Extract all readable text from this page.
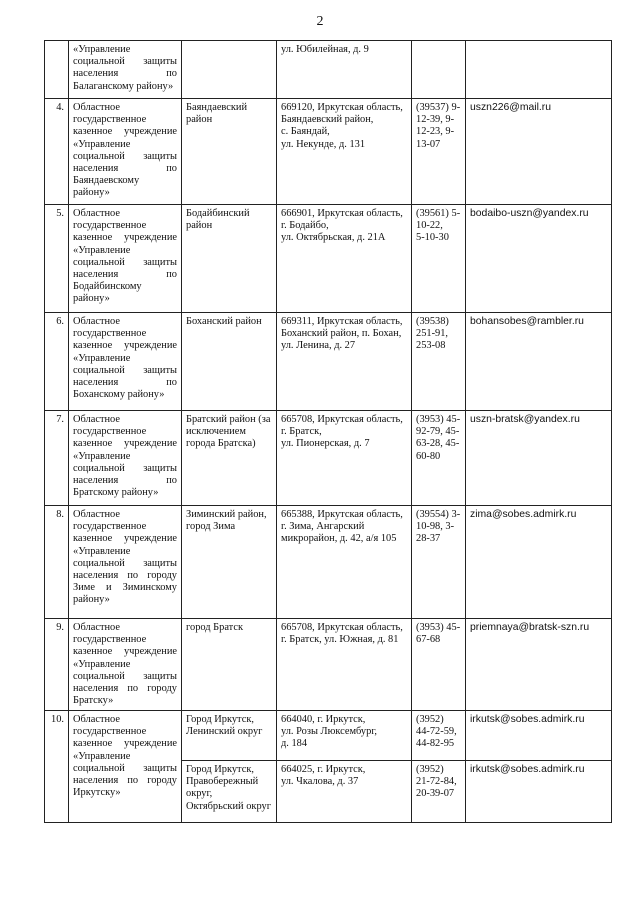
2
	«Управление социальной защиты населения по Балаганскому району»		ул. Юбилейная, д. 9		
4.	Областное государственное казенное учреждение «Управление социальной защиты населения по Баяндаевскому району»	Баяндаевский район	669120, Иркутская область,
Баяндаевский район,
с. Баяндай,
ул. Некунде, д. 131	(39537) 9-12-39, 9-12-23, 9-13-07	uszn226@mail.ru
5.	Областное государственное казенное учреждение «Управление социальной защиты населения по Бодайбинскому району»	Бодайбинский район	666901, Иркутская область,
г. Бодайбо,
ул. Октябрьская, д. 21А	(39561) 5-10-22,
5-10-30	bodaibo-uszn@yandex.ru
6.	Областное государственное казенное учреждение «Управление социальной защиты населения по Боханскому району»	Боханский район	669311, Иркутская область,
Боханский район, п. Бохан,
ул. Ленина, д. 27	(39538)
251-91,
253-08	bohansobes@rambler.ru
7.	Областное государственное казенное учреждение «Управление социальной защиты населения по Братскому району»	Братский район (за исключением города Братска)	665708, Иркутская область,
г. Братск,
ул. Пионерская, д. 7	(3953) 45-92-79, 45-63-28, 45-60-80	uszn-bratsk@yandex.ru
8.	Областное государственное казенное учреждение «Управление социальной защиты населения по городу Зиме и Зиминскому району»	Зиминский район, город Зима	665388, Иркутская область,
г. Зима, Ангарский микрорайон, д. 42, а/я 105	(39554) 3-10-98, 3-28-37	zima@sobes.admirk.ru
9.	Областное государственное казенное учреждение «Управление социальной защиты населения по городу Братску»	город Братск	665708, Иркутская область,
г. Братск, ул. Южная, д. 81	(3953) 45-67-68	priemnaya@bratsk-szn.ru
10.	Областное государственное казенное учреждение «Управление социальной защиты населения по городу Иркутску»	Город Иркутск,
Ленинский округ	664040, г. Иркутск,
ул. Розы Люксембург,
д. 184	(3952)
44-72-59,
44-82-95	irkutsk@sobes.admirk.ru
		Город Иркутск,
Правобережный округ,
Октябрьский округ	664025, г. Иркутск,
ул. Чкалова, д. 37	(3952)
21-72-84,
20-39-07	irkutsk@sobes.admirk.ru
